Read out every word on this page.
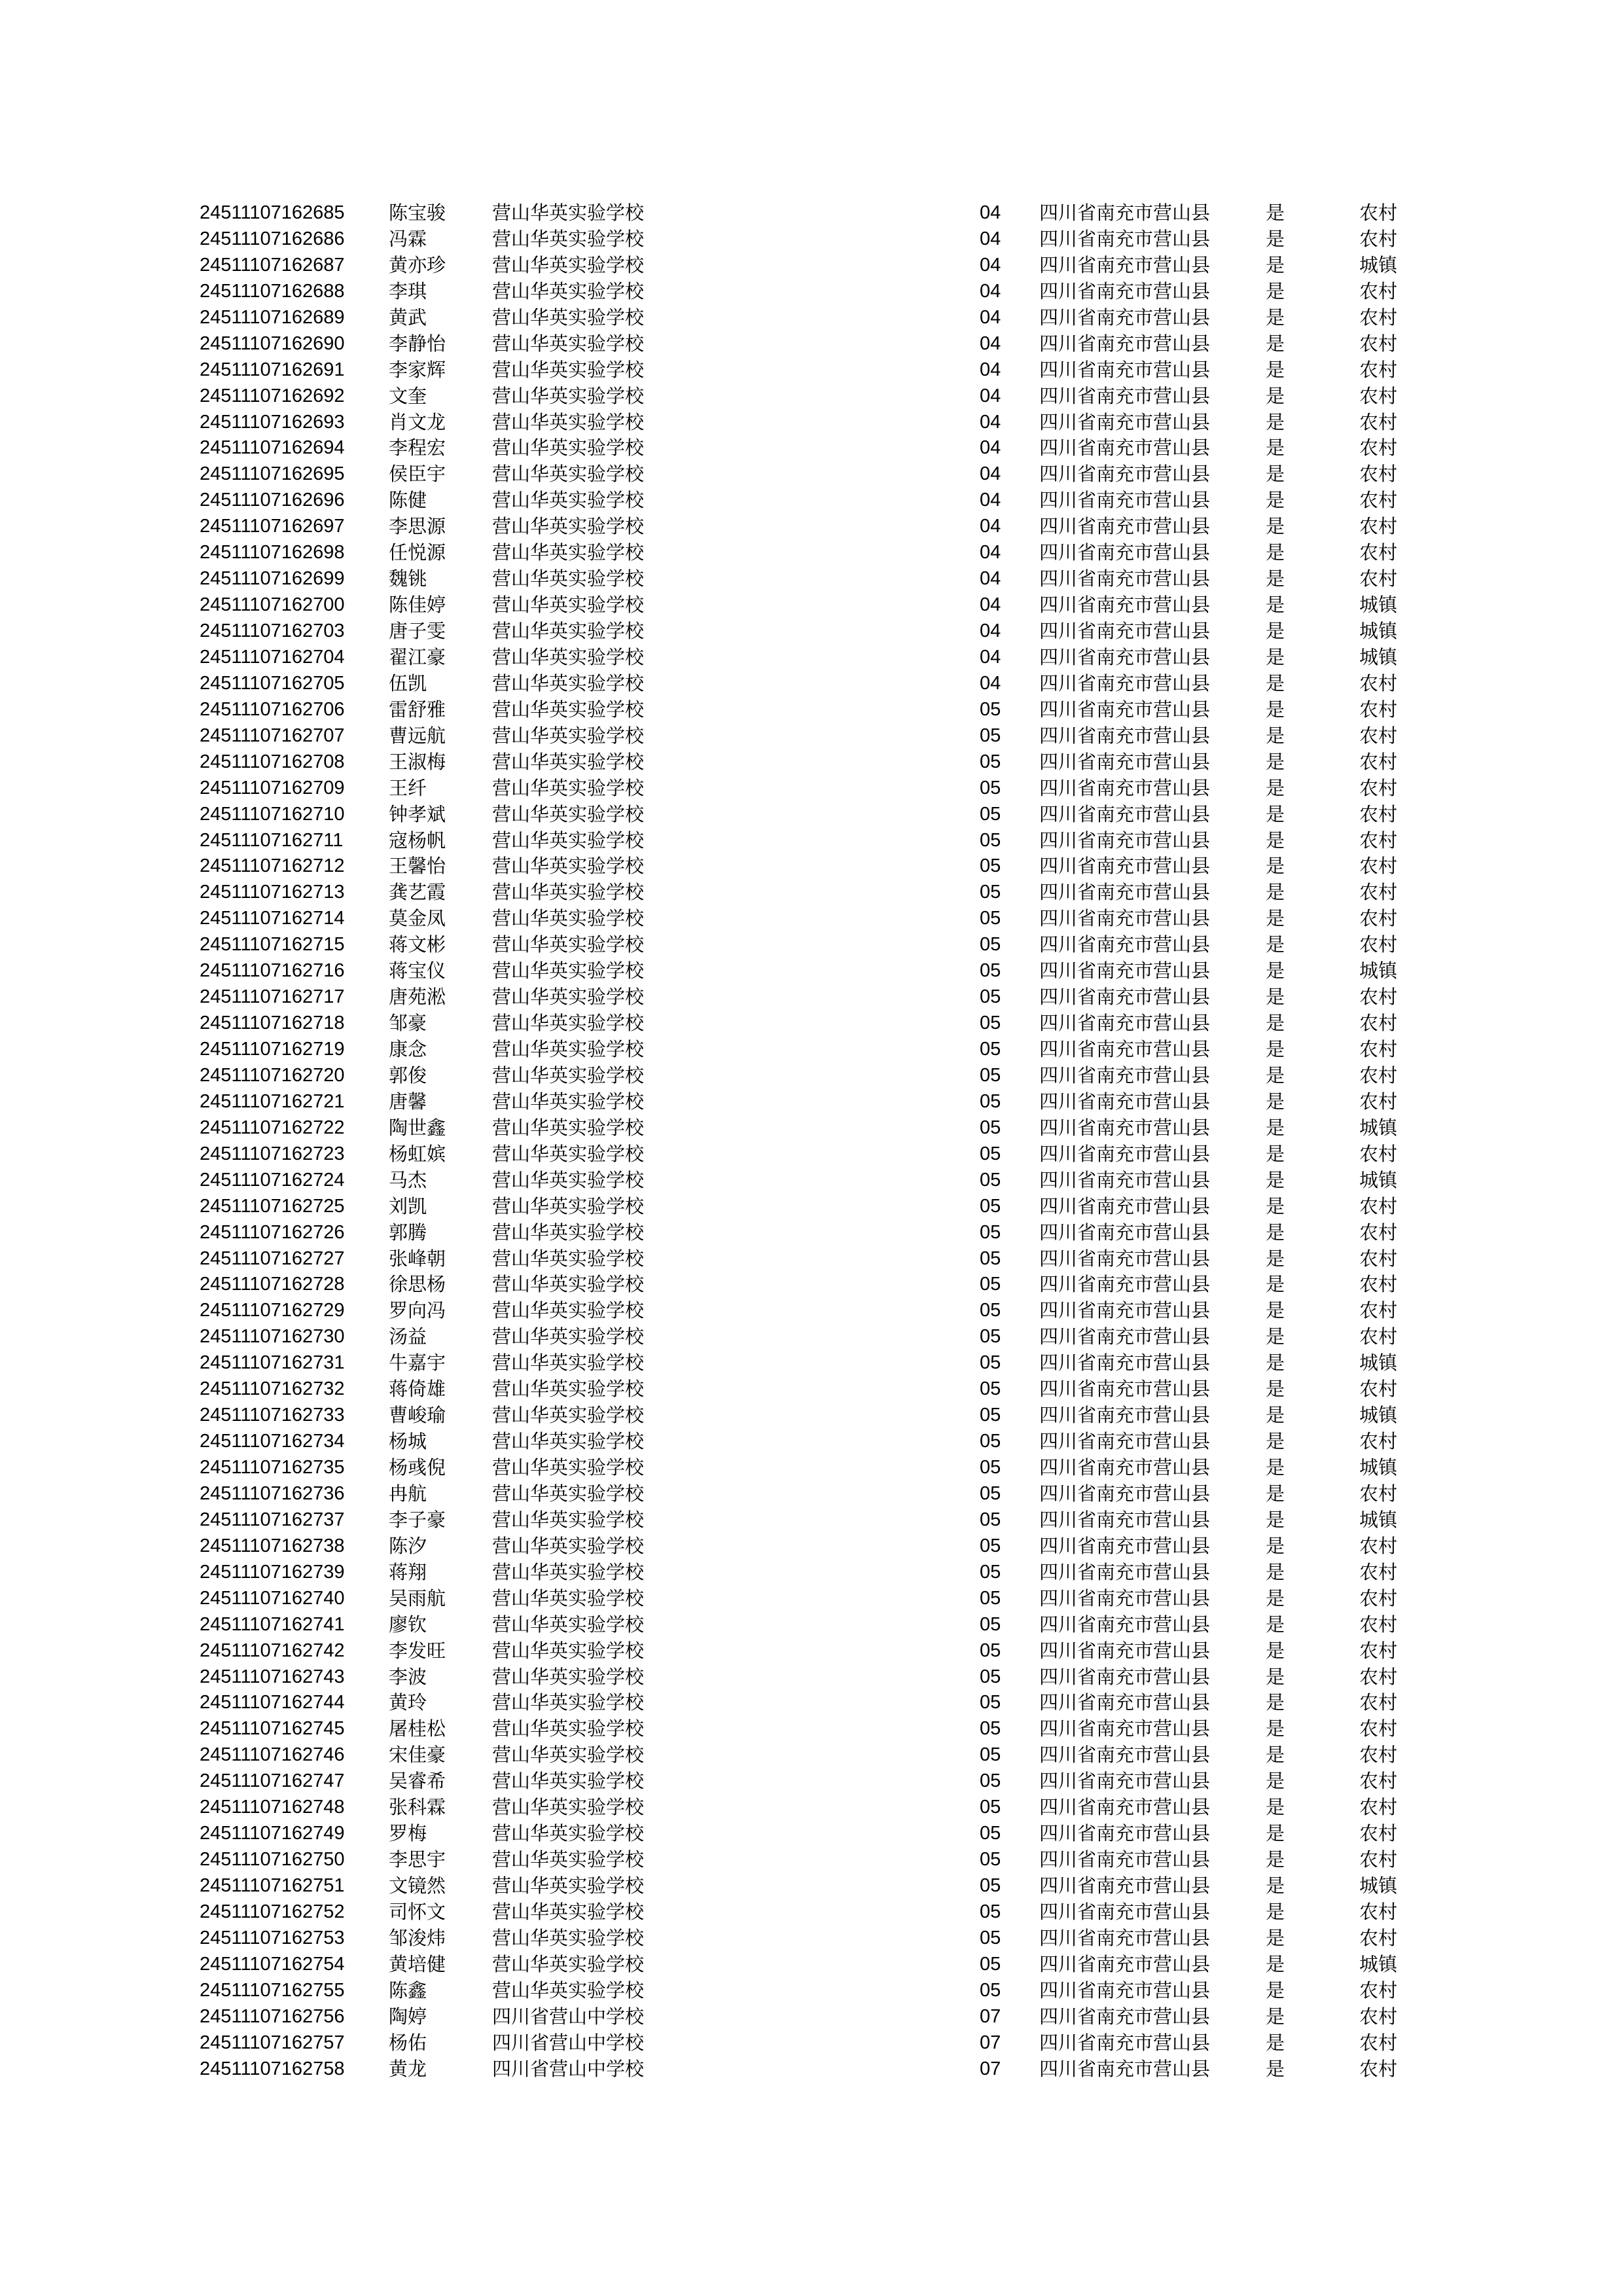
24511107162685 陈宝骏 营山华英实验学校	04 四川省南充市营山县	是	农村
24511107162686 冯霖	营山华英实验学校	04 四川省南充市营山县	是	农村
24511107162687 黄亦珍 营山华英实验学校	04 四川省南充市营山县	是	城镇
24511107162688 李琪	营山华英实验学校	04 四川省南充市营山县	是	农村
24511107162689 黄武	营山华英实验学校	04 四川省南充市营山县	是	农村
24511107162690 李静怡 营山华英实验学校	04 四川省南充市营山县	是	农村
24511107162691 李家辉 营山华英实验学校	04 四川省南充市营山县	是	农村
24511107162692 文奎	营山华英实验学校	04 四川省南充市营山县	是	农村
24511107162693 肖文龙 营山华英实验学校	04 四川省南充市营山县	是	农村
24511107162694 李程宏 营山华英实验学校	04 四川省南充市营山县	是	农村
24511107162695 侯臣宇 营山华英实验学校	04 四川省南充市营山县	是	农村
24511107162696 陈健	营山华英实验学校	04 四川省南充市营山县	是	农村
24511107162697 李思源 营山华英实验学校	04 四川省南充市营山县	是	农村
24511107162698 任悦源 营山华英实验学校	04 四川省南充市营山县	是	农村
24511107162699 魏铫	营山华英实验学校	04 四川省南充市营山县	是	农村
24511107162700 陈佳婷 营山华英实验学校	04 四川省南充市营山县	是	城镇
24511107162703 唐子雯 营山华英实验学校	04 四川省南充市营山县	是	城镇
24511107162704 翟江豪 营山华英实验学校	04 四川省南充市营山县	是	城镇
24511107162705 伍凯	营山华英实验学校	04 四川省南充市营山县	是	农村
24511107162706 雷舒雅 营山华英实验学校	05 四川省南充市营山县	是	农村
24511107162707 曹远航 营山华英实验学校	05 四川省南充市营山县	是	农村
24511107162708 王淑梅 营山华英实验学校	05 四川省南充市营山县	是	农村
24511107162709 王纤	营山华英实验学校	05 四川省南充市营山县	是	农村
24511107162710 钟孝斌 营山华英实验学校	05 四川省南充市营山县	是	农村
24511107162711 寇杨帆 营山华英实验学校	05 四川省南充市营山县	是	农村
24511107162712 王馨怡 营山华英实验学校	05 四川省南充市营山县	是	农村
24511107162713 龚艺霞 营山华英实验学校	05 四川省南充市营山县	是	农村
24511107162714 莫金凤 营山华英实验学校	05 四川省南充市营山县	是	农村
24511107162715 蒋文彬 营山华英实验学校	05 四川省南充市营山县	是	农村
24511107162716 蒋宝仪 营山华英实验学校	05 四川省南充市营山县	是	城镇
24511107162717 唐苑淞 营山华英实验学校	05 四川省南充市营山县	是	农村
24511107162718 邹豪	营山华英实验学校	05 四川省南充市营山县	是	农村
24511107162719 康念	营山华英实验学校	05 四川省南充市营山县	是	农村
24511107162720 郭俊	营山华英实验学校	05 四川省南充市营山县	是	农村
24511107162721 唐馨	营山华英实验学校	05 四川省南充市营山县	是	农村
24511107162722 陶世鑫 营山华英实验学校	05 四川省南充市营山县	是	城镇
24511107162723 杨虹嫔 营山华英实验学校	05 四川省南充市营山县	是	农村
24511107162724 马杰	营山华英实验学校	05 四川省南充市营山县	是	城镇
24511107162725 刘凯	营山华英实验学校	05 四川省南充市营山县	是	农村
24511107162726 郭腾	营山华英实验学校	05 四川省南充市营山县	是	农村
24511107162727 张峰朝 营山华英实验学校	05 四川省南充市营山县	是	农村
24511107162728 徐思杨 营山华英实验学校	05 四川省南充市营山县	是	农村
24511107162729 罗向冯 营山华英实验学校	05 四川省南充市营山县	是	农村
24511107162730 汤益	营山华英实验学校	05 四川省南充市营山县	是	农村
24511107162731 牛嘉宇 营山华英实验学校	05 四川省南充市营山县	是	城镇
24511107162732 蒋倚雄 营山华英实验学校	05 四川省南充市营山县	是	农村
24511107162733 曹峻瑜 营山华英实验学校	05 四川省南充市营山县	是	城镇
24511107162734 杨城	营山华英实验学校	05 四川省南充市营山县	是	农村
24511107162735 杨彧倪 营山华英实验学校	05 四川省南充市营山县	是	城镇
24511107162736 冉航	营山华英实验学校	05 四川省南充市营山县	是	农村
24511107162737 李子豪 营山华英实验学校	05 四川省南充市营山县	是	城镇
24511107162738 陈汐	营山华英实验学校	05 四川省南充市营山县	是	农村
24511107162739 蒋翔	营山华英实验学校	05 四川省南充市营山县	是	农村
24511107162740 吴雨航 营山华英实验学校	05 四川省南充市营山县	是	农村
24511107162741 廖钦	营山华英实验学校	05 四川省南充市营山县	是	农村
24511107162742 李发旺 营山华英实验学校	05 四川省南充市营山县	是	农村
24511107162743 李波	营山华英实验学校	05 四川省南充市营山县	是	农村
24511107162744 黄玲	营山华英实验学校	05 四川省南充市营山县	是	农村
24511107162745 屠桂松 营山华英实验学校	05 四川省南充市营山县	是	农村
24511107162746 宋佳豪 营山华英实验学校	05 四川省南充市营山县	是	农村
24511107162747 吴睿希 营山华英实验学校	05 四川省南充市营山县	是	农村
24511107162748 张科霖 营山华英实验学校	05 四川省南充市营山县	是	农村
24511107162749 罗梅	营山华英实验学校	05 四川省南充市营山县	是	农村
24511107162750 李思宇 营山华英实验学校	05 四川省南充市营山县	是	农村
24511107162751 文镜然 营山华英实验学校	05 四川省南充市营山县	是	城镇
24511107162752 司怀文 营山华英实验学校	05 四川省南充市营山县	是	农村
24511107162753 邹浚炜 营山华英实验学校	05 四川省南充市营山县	是	农村
24511107162754 黄培健 营山华英实验学校	05 四川省南充市营山县	是	城镇
24511107162755 陈鑫	营山华英实验学校	05 四川省南充市营山县	是	农村
24511107162756 陶婷	四川省营山中学校	07 四川省南充市营山县	是	农村
24511107162757 杨佑	四川省营山中学校	07 四川省南充市营山县	是	农村
24511107162758 黄龙	四川省营山中学校	07 四川省南充市营山县	是	农村
